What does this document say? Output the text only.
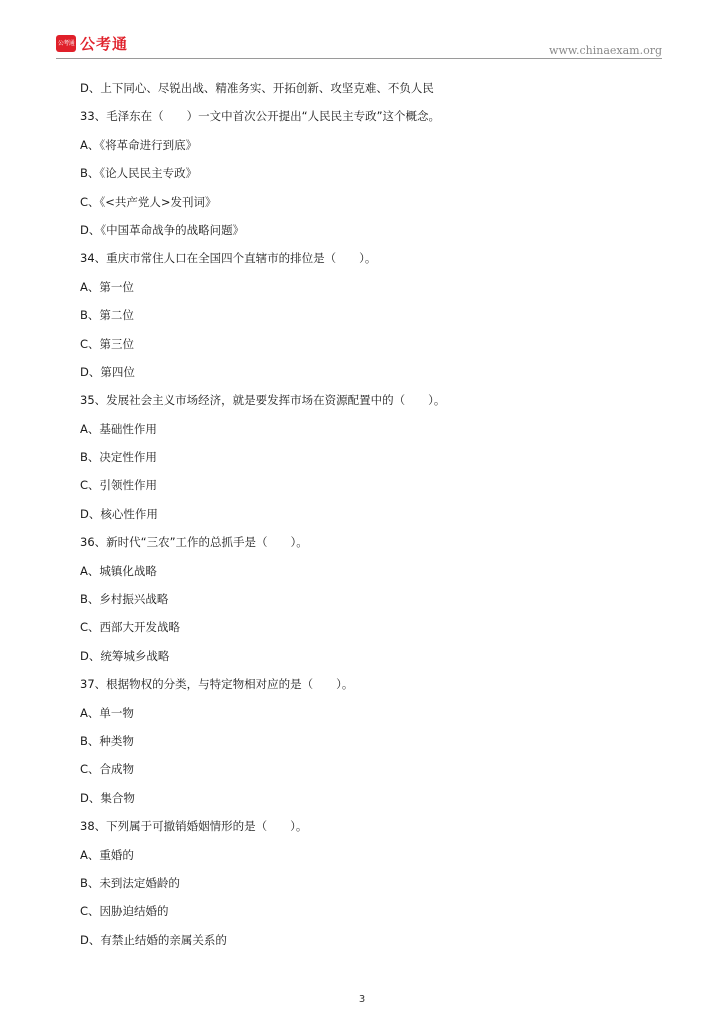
公考通 公考通	www.chinaexam.org
D、上下同心、尽锐出战、精准务实、开拓创新、攻坚克难、不负人民
33、毛泽东在（　　）一文中首次公开提出“人民民主专政”这个概念。
A、《将革命进行到底》
B、《论人民民主专政》
C、《<共产党人>发刊词》
D、《中国革命战争的战略问题》
34、重庆市常住人口在全国四个直辖市的排位是（　　）。
A、第一位
B、第二位
C、第三位
D、第四位
35、发展社会主义市场经济，就是要发挥市场在资源配置中的（　　）。
A、基础性作用
B、决定性作用
C、引领性作用
D、核心性作用
36、新时代“三农”工作的总抓手是（　　）。
A、城镇化战略
B、乡村振兴战略
C、西部大开发战略
D、统筹城乡战略
37、根据物权的分类，与特定物相对应的是（　　）。
A、单一物
B、种类物
C、合成物
D、集合物
38、下列属于可撤销婚姻情形的是（　　）。
A、重婚的
B、未到法定婚龄的
C、因胁迫结婚的
D、有禁止结婚的亲属关系的
3
